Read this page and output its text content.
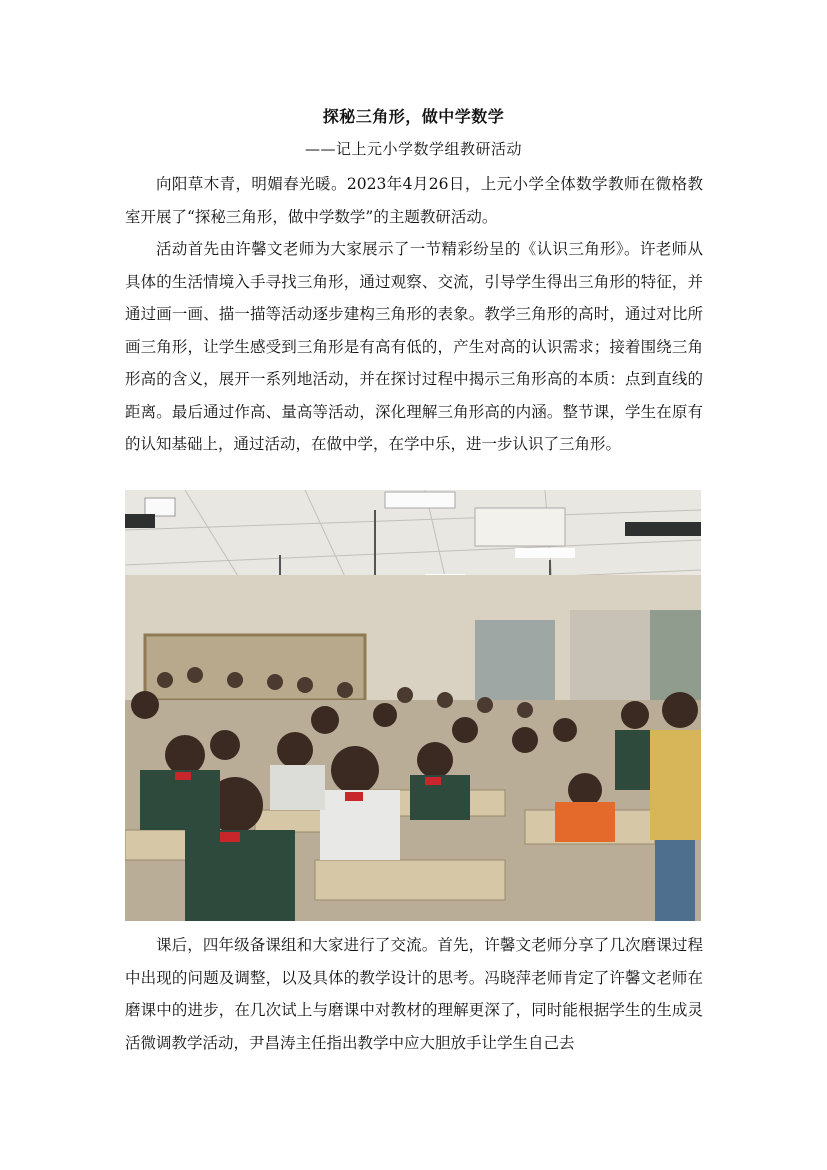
探秘三角形，做中学数学
——记上元小学数学组教研活动

向阳草木青，明媚春光暖。2023年4月26日，上元小学全体数学教师在微格教室开展了“探秘三角形，做中学数学”的主题教研活动。

活动首先由许馨文老师为大家展示了一节精彩纷呈的《认识三角形》。许老师从具体的生活情境入手寻找三角形，通过观察、交流，引导学生得出三角形的特征，并通过画一画、描一描等活动逐步建构三角形的表象。教学三角形的高时，通过对比所画三角形，让学生感受到三角形是有高有低的，产生对高的认识需求；接着围绕三角形高的含义，展开一系列地活动，并在探讨过程中揭示三角形高的本质：点到直线的距离。最后通过作高、量高等活动，深化理解三角形高的内涵。整节课，学生在原有的认知基础上，通过活动，在做中学，在学中乐，进一步认识了三角形。

课后，四年级备课组和大家进行了交流。首先，许馨文老师分享了几次磨课过程中出现的问题及调整，以及具体的教学设计的思考。冯晓萍老师肯定了许馨文老师在磨课中的进步，在几次试上与磨课中对教材的理解更深了，同时能根据学生的生成灵活微调教学活动，尹昌涛主任指出教学中应大胆放手让学生自己去
